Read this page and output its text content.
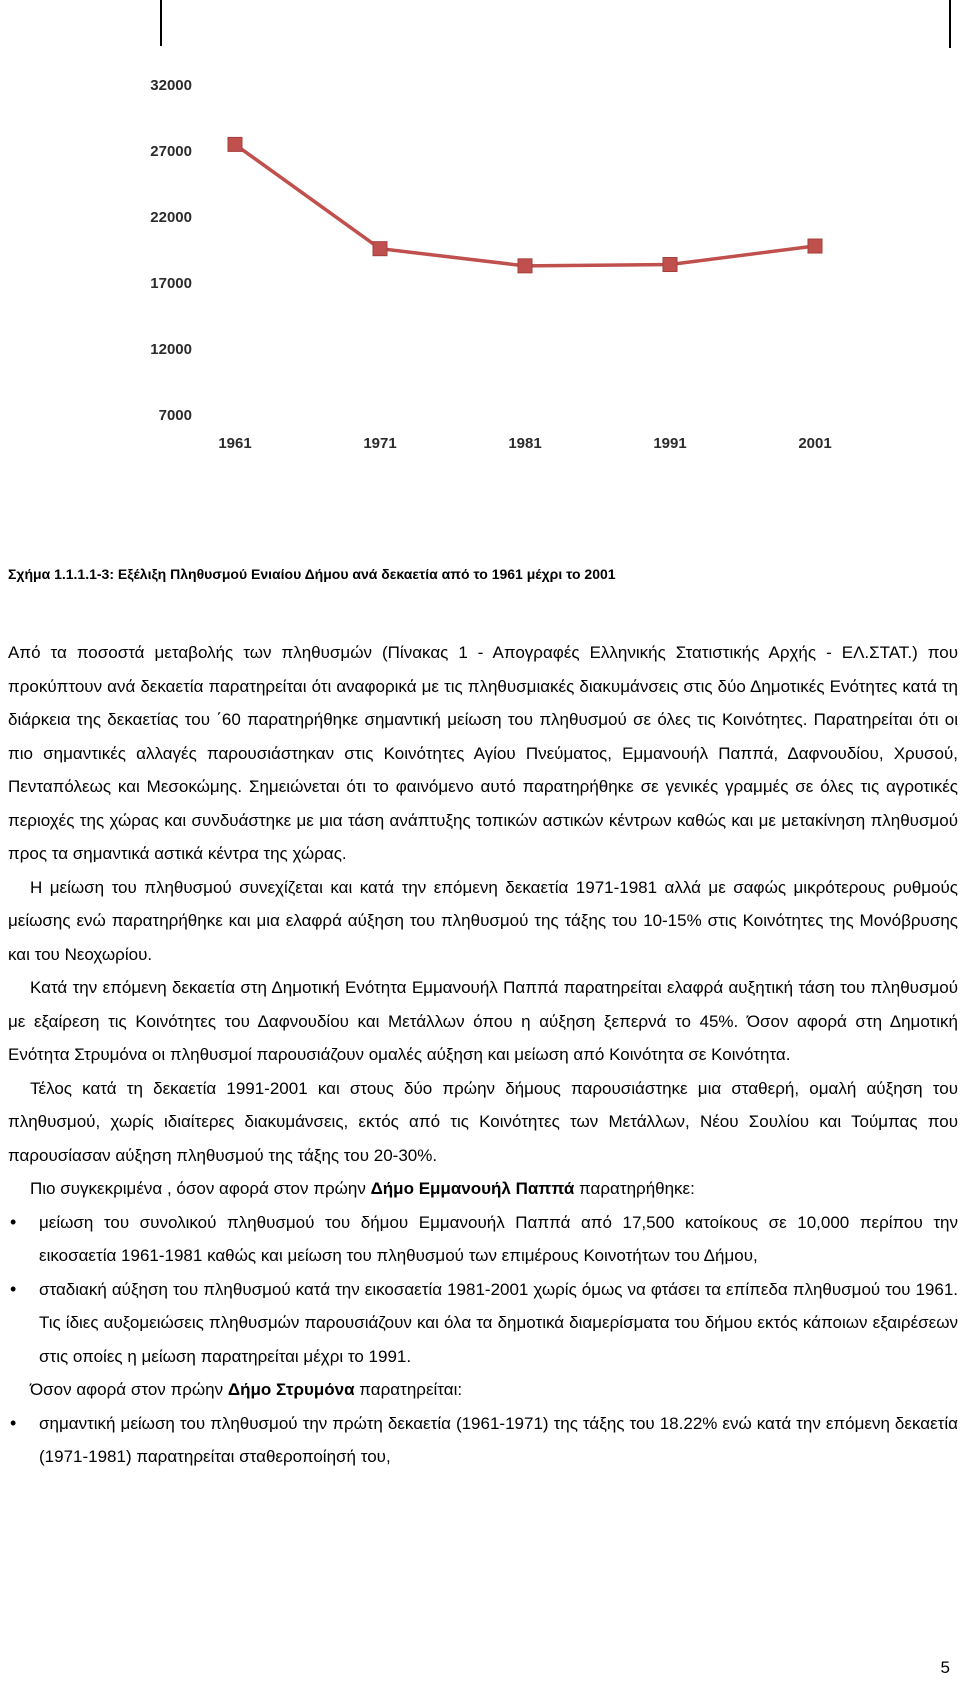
32000
27000
22000
17000
12000
7000
1961	1971	1981	1991	2001
Σχήμα 1.1.1.1-3: Εξέλιξη Πληθυσμού Ενιαίου Δήμου ανά δεκαετία από το 1961 μέχρι το 2001

Από τα ποσοστά μεταβολής των πληθυσμών (Πίνακας 1 - Απογραφές Ελληνικής Στατιστικής Αρχής - ΕΛ.ΣΤΑΤ.) που προκύπτουν ανά δεκαετία παρατηρείται ότι αναφορικά με τις πληθυσμιακές διακυμάνσεις στις δύο Δημοτικές Ενότητες κατά τη διάρκεια της δεκαετίας του ΄60 παρατηρήθηκε σημαντική μείωση του πληθυσμού σε όλες τις Κοινότητες. Παρατηρείται ότι οι πιο σημαντικές αλλαγές παρουσιάστηκαν στις Κοινότητες Αγίου Πνεύματος, Εμμανουήλ Παππά, Δαφνουδίου, Χρυσού, Πενταπόλεως και Μεσοκώμης. Σημειώνεται ότι το φαινόμενο αυτό παρατηρήθηκε σε γενικές γραμμές σε όλες τις αγροτικές περιοχές της χώρας και συνδυάστηκε με μια τάση ανάπτυξης τοπικών αστικών κέντρων καθώς και με μετακίνηση πληθυσμού προς τα σημαντικά αστικά κέντρα της χώρας.

Η μείωση του πληθυσμού συνεχίζεται και κατά την επόμενη δεκαετία 1971-1981 αλλά με σαφώς μικρότερους ρυθμούς μείωσης ενώ παρατηρήθηκε και μια ελαφρά αύξηση του πληθυσμού της τάξης του 10-15% στις Κοινότητες της Μονόβρυσης και του Νεοχωρίου.

Κατά την επόμενη δεκαετία στη Δημοτική Ενότητα Εμμανουήλ Παππά παρατηρείται ελαφρά αυξητική τάση του πληθυσμού με εξαίρεση τις Κοινότητες του Δαφνουδίου και Μετάλλων όπου η αύξηση ξεπερνά το 45%. Όσον αφορά στη Δημοτική Ενότητα Στρυμόνα οι πληθυσμοί παρουσιάζουν ομαλές αύξηση και μείωση από Κοινότητα σε Κοινότητα.

Τέλος κατά τη δεκαετία 1991-2001 και στους δύο πρώην δήμους παρουσιάστηκε μια σταθερή, ομαλή αύξηση του πληθυσμού, χωρίς ιδιαίτερες διακυμάνσεις, εκτός από τις Κοινότητες των Μετάλλων, Νέου Σουλίου και Τούμπας που παρουσίασαν αύξηση πληθυσμού της τάξης του 20-30%.

Πιο συγκεκριμένα , όσον αφορά στον πρώην Δήμο Εμμανουήλ Παππά παρατηρήθηκε:

•μείωση του συνολικού πληθυσμού του δήμου Εμμανουήλ Παππά από 17,500 κατοίκους σε 10,000 περίπου την εικοσαετία 1961-1981 καθώς και μείωση του πληθυσμού των επιμέρους Κοινοτήτων του Δήμου,

•σταδιακή αύξηση του πληθυσμού κατά την εικοσαετία 1981-2001 χωρίς όμως να φτάσει τα επίπεδα πληθυσμού του 1961. Τις ίδιες αυξομειώσεις πληθυσμών παρουσιάζουν και όλα τα δημοτικά διαμερίσματα του δήμου εκτός κάποιων εξαιρέσεων στις οποίες η μείωση παρατηρείται μέχρι το 1991.

Όσον αφορά στον πρώην Δήμο Στρυμόνα παρατηρείται:

•σημαντική μείωση του πληθυσμού την πρώτη δεκαετία (1961-1971) της τάξης του 18.22% ενώ κατά την επόμενη δεκαετία (1971-1981) παρατηρείται σταθεροποίησή του,

5
